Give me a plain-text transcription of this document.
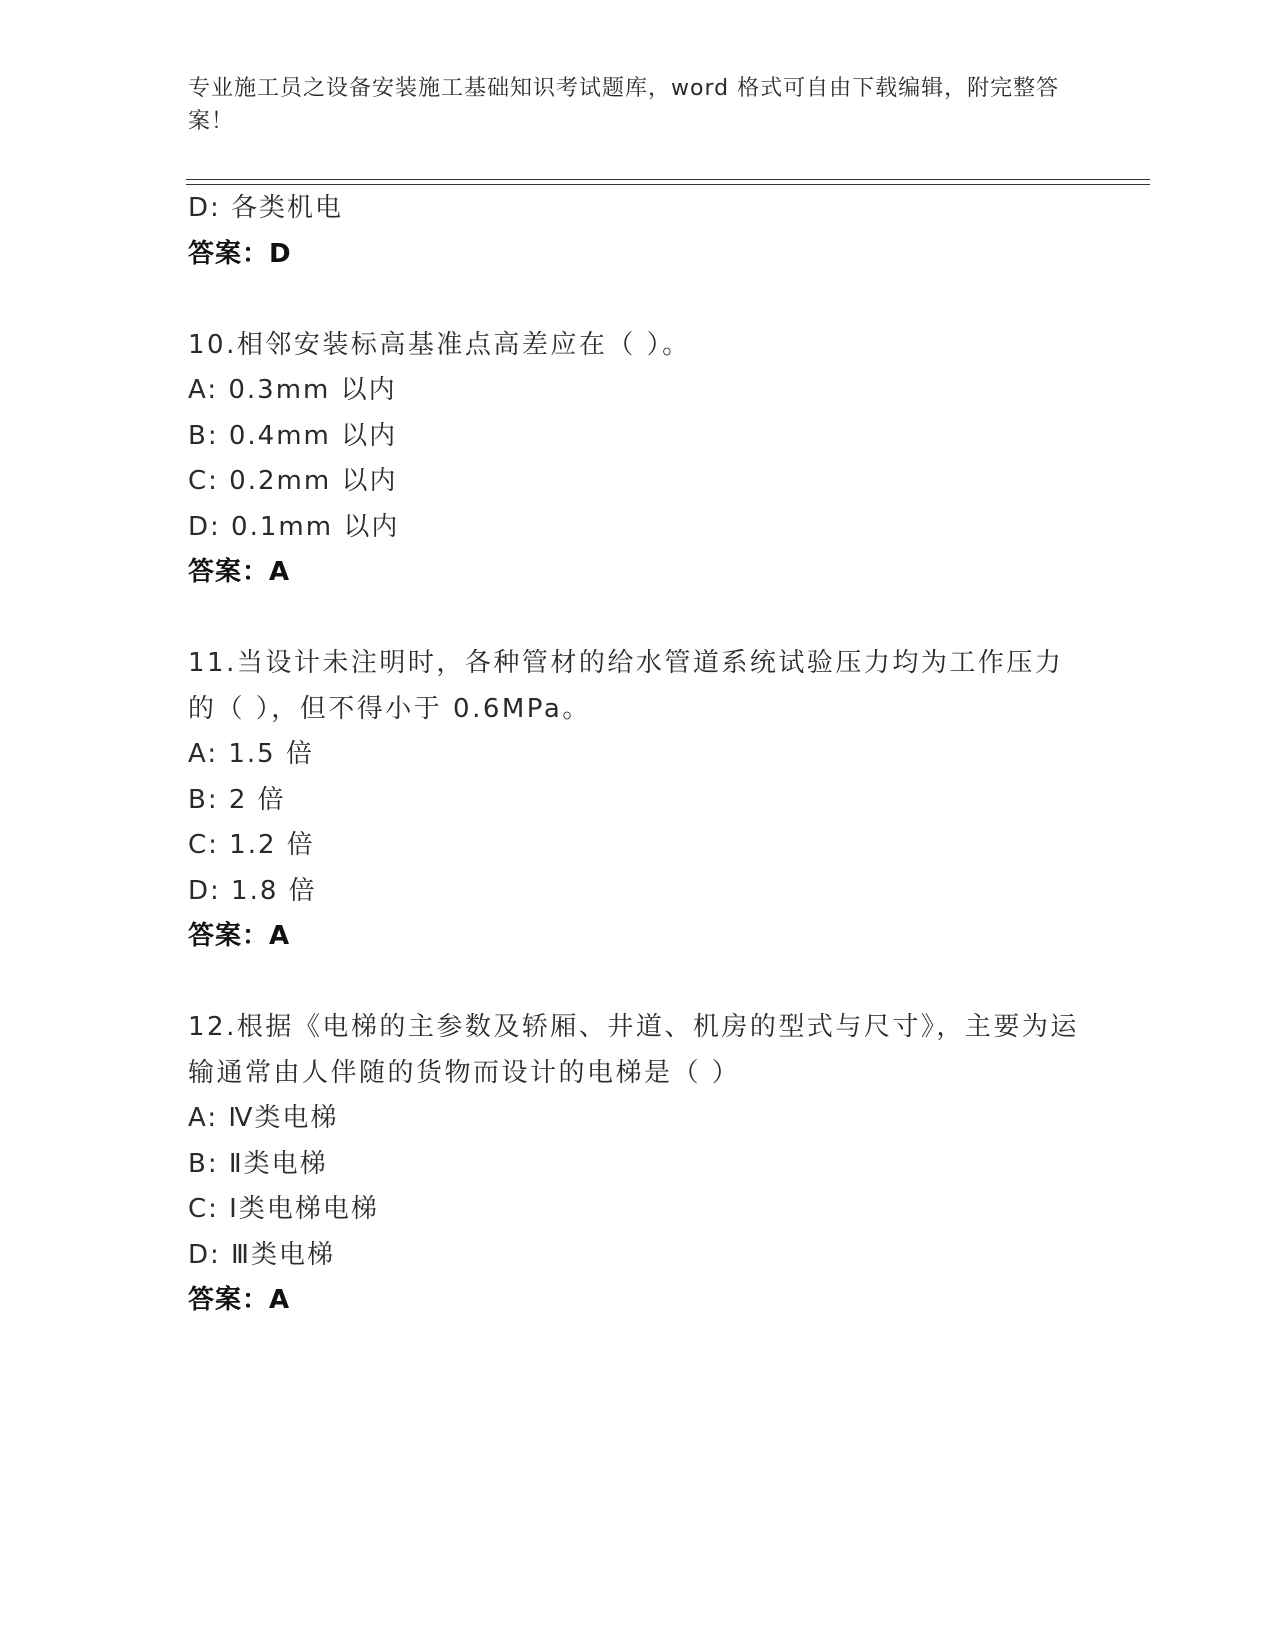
专业施工员之设备安装施工基础知识考试题库，word 格式可自由下载编辑，附完整答案！
D: 各类机电
答案：D
10.相邻安装标高基准点高差应在（ ）。
A: 0.3mm 以内
B: 0.4mm 以内
C: 0.2mm 以内
D: 0.1mm 以内
答案：A
11.当设计未注明时，各种管材的给水管道系统试验压力均为工作压力的（ ），但不得小于 0.6MPa。
A: 1.5 倍
B: 2 倍
C: 1.2 倍
D: 1.8 倍
答案：A
12.根据《电梯的主参数及轿厢、井道、机房的型式与尺寸》，主要为运输通常由人伴随的货物而设计的电梯是（ ）
A: Ⅳ类电梯
B: Ⅱ类电梯
C: Ⅰ类电梯电梯
D: Ⅲ类电梯
答案：A
